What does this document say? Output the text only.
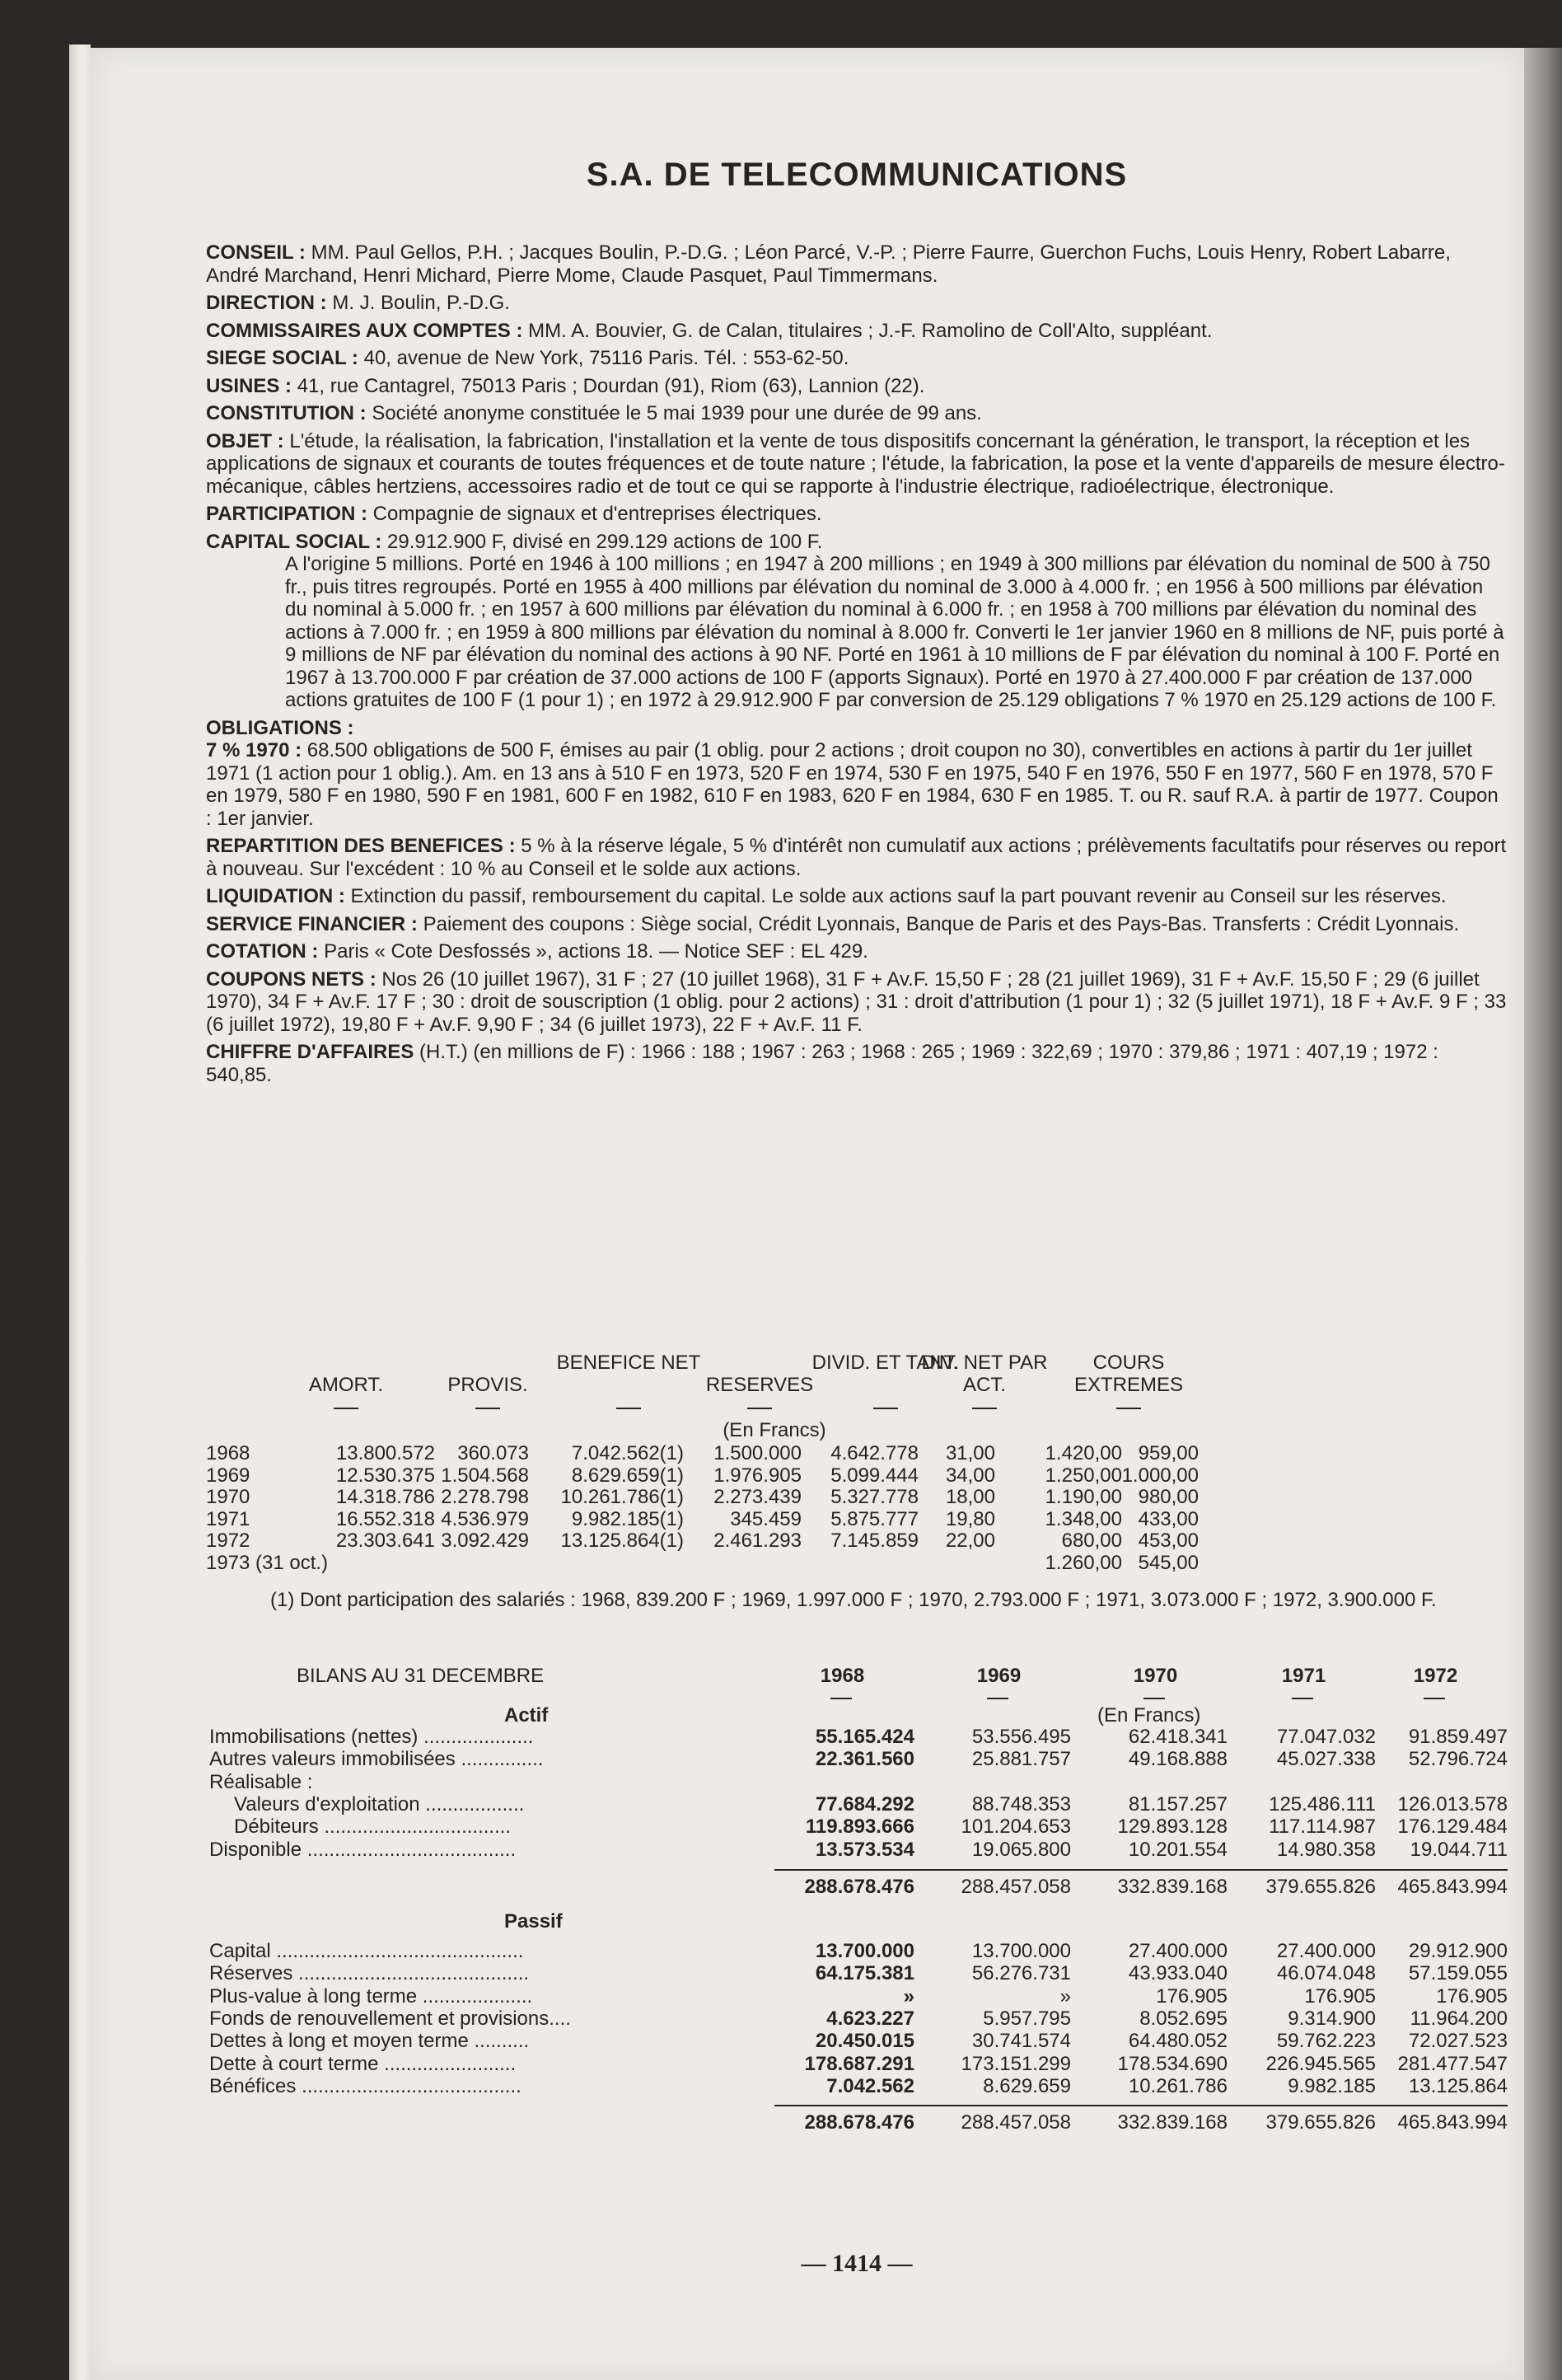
S.A. DE TELECOMMUNICATIONS
CONSEIL : MM. Paul Gellos, P.H. ; Jacques Boulin, P.-D.G. ; Léon Parcé, V.-P. ; Pierre Faurre, Guerchon Fuchs, Louis Henry, Robert Labarre, André Marchand, Henri Michard, Pierre Mome, Claude Pasquet, Paul Timmermans.
DIRECTION : M. J. Boulin, P.-D.G.
COMMISSAIRES AUX COMPTES : MM. A. Bouvier, G. de Calan, titulaires ; J.-F. Ramolino de Coll'Alto, suppléant.
SIEGE SOCIAL : 40, avenue de New York, 75116 Paris. Tél. : 553-62-50.
USINES : 41, rue Cantagrel, 75013 Paris ; Dourdan (91), Riom (63), Lannion (22).
CONSTITUTION : Société anonyme constituée le 5 mai 1939 pour une durée de 99 ans.
OBJET : L'étude, la réalisation, la fabrication, l'installation et la vente de tous dispositifs concernant la génération, le transport, la réception et les applications de signaux et courants de toutes fréquences et de toute nature ; l'étude, la fabrication, la pose et la vente d'appareils de mesure électro-mécanique, câbles hertziens, accessoires radio et de tout ce qui se rapporte à l'industrie électrique, radioélectrique, électronique.
PARTICIPATION : Compagnie de signaux et d'entreprises électriques.
CAPITAL SOCIAL : 29.912.900 F, divisé en 299.129 actions de 100 F.

A l'origine 5 millions. Porté en 1946 à 100 millions ; en 1947 à 200 millions ; en 1949 à 300 millions par élévation du nominal de 500 à 750 fr., puis titres regroupés. Porté en 1955 à 400 millions par élévation du nominal de 3.000 à 4.000 fr. ; en 1956 à 500 millions par élévation du nominal à 5.000 fr. ; en 1957 à 600 millions par élévation du nominal à 6.000 fr. ; en 1958 à 700 millions par élévation du nominal des actions à 7.000 fr. ; en 1959 à 800 millions par élévation du nominal à 8.000 fr. Converti le 1er janvier 1960 en 8 millions de NF, puis porté à 9 millions de NF par élévation du nominal des actions à 90 NF. Porté en 1961 à 10 millions de F par élévation du nominal à 100 F. Porté en 1967 à 13.700.000 F par création de 37.000 actions de 100 F (apports Signaux). Porté en 1970 à 27.400.000 F par création de 137.000 actions gratuites de 100 F (1 pour 1) ; en 1972 à 29.912.900 F par conversion de 25.129 obligations 7 % 1970 en 25.129 actions de 100 F.

OBLIGATIONS :

7 % 1970 : 68.500 obligations de 500 F, émises au pair (1 oblig. pour 2 actions ; droit coupon no 30), convertibles en actions à partir du 1er juillet 1971 (1 action pour 1 oblig.). Am. en 13 ans à 510 F en 1973, 520 F en 1974, 530 F en 1975, 540 F en 1976, 550 F en 1977, 560 F en 1978, 570 F en 1979, 580 F en 1980, 590 F en 1981, 600 F en 1982, 610 F en 1983, 620 F en 1984, 630 F en 1985. T. ou R. sauf R.A. à partir de 1977. Coupon : 1er janvier.

REPARTITION DES BENEFICES : 5 % à la réserve légale, 5 % d'intérêt non cumulatif aux actions ; prélèvements facultatifs pour réserves ou report à nouveau. Sur l'excédent : 10 % au Conseil et le solde aux actions.
LIQUIDATION : Extinction du passif, remboursement du capital. Le solde aux actions sauf la part pouvant revenir au Conseil sur les réserves.
SERVICE FINANCIER : Paiement des coupons : Siège social, Crédit Lyonnais, Banque de Paris et des Pays-Bas. Transferts : Crédit Lyonnais.
COTATION : Paris « Cote Desfossés », actions 18. — Notice SEF : EL 429.
COUPONS NETS : Nos 26 (10 juillet 1967), 31 F ; 27 (10 juillet 1968), 31 F + Av.F. 15,50 F ; 28 (21 juillet 1969), 31 F + Av.F. 15,50 F ; 29 (6 juillet 1970), 34 F + Av.F. 17 F ; 30 : droit de souscription (1 oblig. pour 2 actions) ; 31 : droit d'attribution (1 pour 1) ; 32 (5 juillet 1971), 18 F + Av.F. 9 F ; 33 (6 juillet 1972), 19,80 F + Av.F. 9,90 F ; 34 (6 juillet 1973), 22 F + Av.F. 11 F.
CHIFFRE D'AFFAIRES (H.T.) (en millions de F) : 1966 : 188 ; 1967 : 263 ; 1968 : 265 ; 1969 : 322,69 ; 1970 : 379,86 ; 1971 : 407,19 ; 1972 : 540,85.
AMORT.	PROVIS.
BENEFICE NET
RESERVES
DIVID. ET TANT.
DIV. NET PAR ACT.
COURS EXTREMES
(En Francs)
1968	13.800.572	360.073	7.042.562(1)	1.500.000	4.642.778	31,00	1.420,00 959,00
1969	12.530.375 1.504.568	8.629.659(1)	1.976.905	5.099.444	34,00	1.250,00 1.000,00
1970	14.318.786 2.278.798	10.261.786(1)	2.273.439	5.327.778	18,00	1.190,00 980,00
1971	16.552.318 4.536.979	9.982.185(1)	345.459	5.875.777	19,80	1.348,00 433,00
1972	23.303.641 3.092.429	13.125.864(1)	2.461.293	7.145.859	22,00	680,00 453,00
1973 (31 oct.)	1.260,00 545,00
(1) Dont participation des salariés : 1968, 839.200 F ; 1969, 1.997.000 F ; 1970, 2.793.000 F ; 1971, 3.073.000 F ; 1972, 3.900.000 F.
BILANS AU 31 DECEMBRE	1968	1969	1970	1971	1972
Actif	(En Francs)
Immobilisations (nettes) ....................	55.165.424	53.556.495	62.418.341	77.047.032	91.859.497
Autres valeurs immobilisées ...............	22.361.560	25.881.757	49.168.888	45.027.338	52.796.724
Réalisable :
Valeurs d'exploitation ..................	77.684.292	88.748.353	81.157.257	125.486.111	126.013.578
Débiteurs ..................................	119.893.666	101.204.653	129.893.128	117.114.987	176.129.484
Disponible ......................................	13.573.534	19.065.800	10.201.554	14.980.358	19.044.711
288.678.476	288.457.058	332.839.168	379.655.826	465.843.994
Passif
Capital .............................................	13.700.000	13.700.000	27.400.000	27.400.000	29.912.900
Réserves ..........................................	64.175.381	56.276.731	43.933.040	46.074.048	57.159.055
Plus-value à long terme ....................	»	»	176.905	176.905	176.905
Fonds de renouvellement et provisions....	4.623.227	5.957.795	8.052.695	9.314.900	11.964.200
Dettes à long et moyen terme ..........	20.450.015	30.741.574	64.480.052	59.762.223	72.027.523
Dette à court terme ........................	178.687.291	173.151.299	178.534.690	226.945.565	281.477.547
Bénéfices ........................................	7.042.562	8.629.659	10.261.786	9.982.185	13.125.864
288.678.476	288.457.058	332.839.168	379.655.826	465.843.994
— 1414 —
